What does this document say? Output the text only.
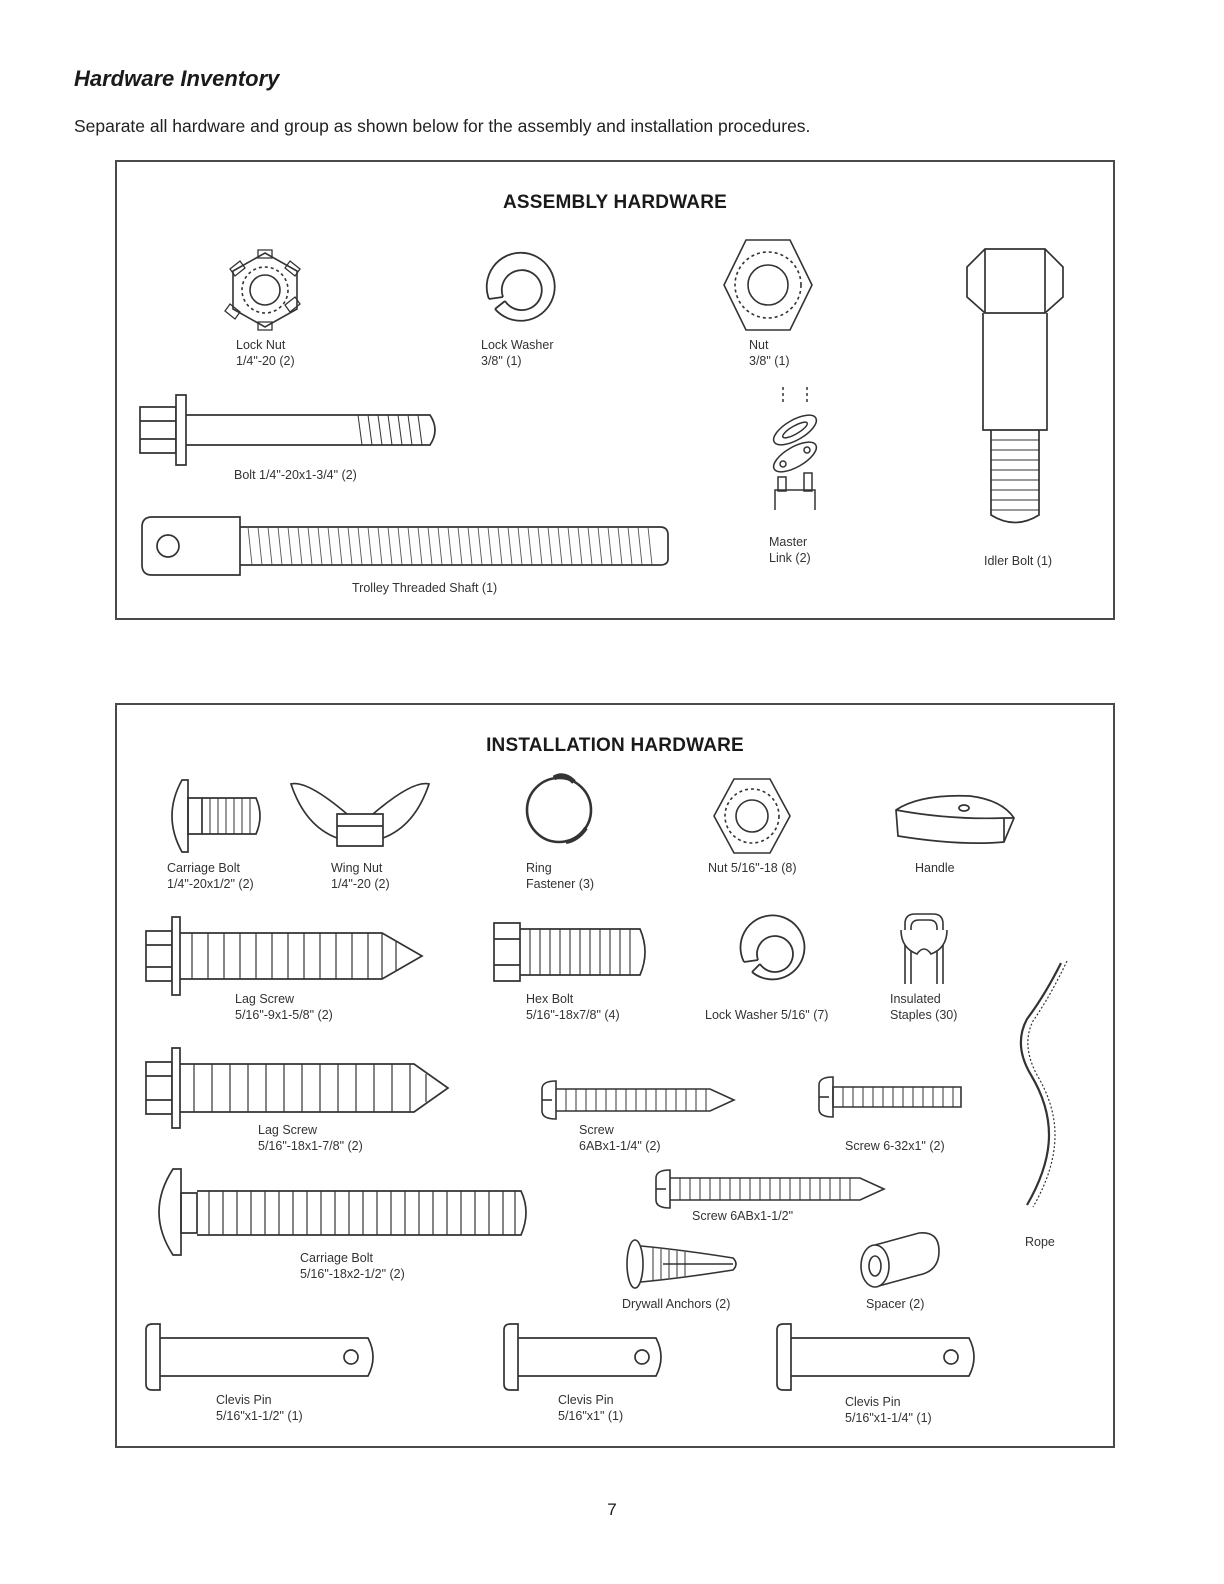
Hardware Inventory
Separate all hardware and group as shown below for the assembly and installation procedures.
ASSEMBLY HARDWARE
Lock Nut
1/4"-20 (2)
Lock Washer
3/8" (1)
Nut
3/8" (1)
Idler Bolt (1)
Bolt 1/4"-20x1-3/4" (2)
Master
Link (2)
Trolley Threaded Shaft (1)
INSTALLATION HARDWARE
Carriage Bolt
1/4"-20x1/2" (2)
Wing Nut
1/4"-20 (2)
Ring
Fastener (3)
Nut 5/16"-18 (8)	Handle
Lag Screw
5/16"-9x1-5/8" (2)
Hex Bolt
5/16"-18x7/8" (4)	Lock Washer 5/16" (7)
Insulated
Staples (30)
Rope
Lag Screw
5/16"-18x1-7/8" (2)
Screw
6ABx1-1/4" (2)	Screw 6-32x1" (2)
Screw 6ABx1-1/2"
Carriage Bolt
5/16"-18x2-1/2" (2)
Drywall Anchors (2)	Spacer (2)
Clevis Pin
5/16"x1-1/2" (1)
Clevis Pin
5/16"x1" (1)
Clevis Pin
5/16"x1-1/4" (1)
7
